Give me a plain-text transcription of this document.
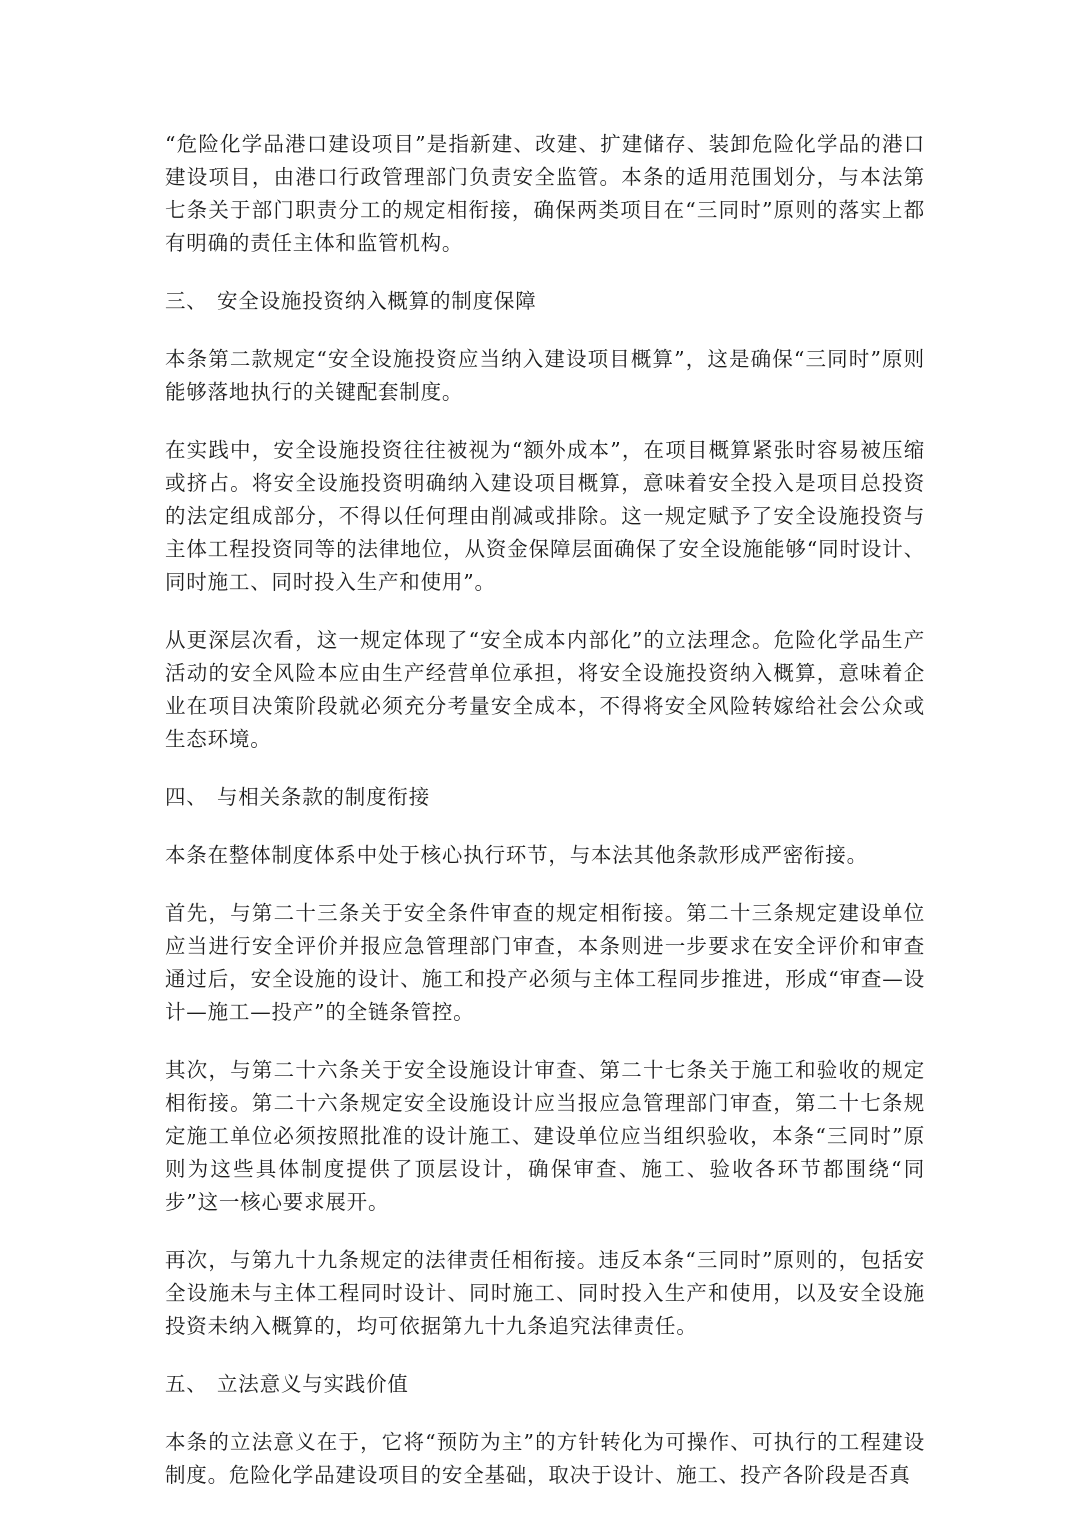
“危险化学品港口建设项目”是指新建、改建、扩建储存、装卸危险化学品的港口建设项目，由港口行政管理部门负责安全监管。本条的适用范围划分，与本法第七条关于部门职责分工的规定相衔接，确保两类项目在“三同时”原则的落实上都有明确的责任主体和监管机构。

三、 安全设施投资纳入概算的制度保障

本条第二款规定“安全设施投资应当纳入建设项目概算”，这是确保“三同时”原则能够落地执行的关键配套制度。

在实践中，安全设施投资往往被视为“额外成本”，在项目概算紧张时容易被压缩或挤占。将安全设施投资明确纳入建设项目概算，意味着安全投入是项目总投资的法定组成部分，不得以任何理由削减或排除。这一规定赋予了安全设施投资与主体工程投资同等的法律地位，从资金保障层面确保了安全设施能够“同时设计、同时施工、同时投入生产和使用”。

从更深层次看，这一规定体现了“安全成本内部化”的立法理念。危险化学品生产活动的安全风险本应由生产经营单位承担，将安全设施投资纳入概算，意味着企业在项目决策阶段就必须充分考量安全成本，不得将安全风险转嫁给社会公众或生态环境。

四、 与相关条款的制度衔接

本条在整体制度体系中处于核心执行环节，与本法其他条款形成严密衔接。

首先，与第二十三条关于安全条件审查的规定相衔接。第二十三条规定建设单位应当进行安全评价并报应急管理部门审查，本条则进一步要求在安全评价和审查通过后，安全设施的设计、施工和投产必须与主体工程同步推进，形成“审查—设计—施工—投产”的全链条管控。

其次，与第二十六条关于安全设施设计审查、第二十七条关于施工和验收的规定相衔接。第二十六条规定安全设施设计应当报应急管理部门审查，第二十七条规定施工单位必须按照批准的设计施工、建设单位应当组织验收，本条“三同时”原则为这些具体制度提供了顶层设计，确保审查、施工、验收各环节都围绕“同步”这一核心要求展开。

再次，与第九十九条规定的法律责任相衔接。违反本条“三同时”原则的，包括安全设施未与主体工程同时设计、同时施工、同时投入生产和使用，以及安全设施投资未纳入概算的，均可依据第九十九条追究法律责任。

五、 立法意义与实践价值

本条的立法意义在于，它将“预防为主”的方针转化为可操作、可执行的工程建设制度。危险化学品建设项目的安全基础，取决于设计、施工、投产各阶段是否真
